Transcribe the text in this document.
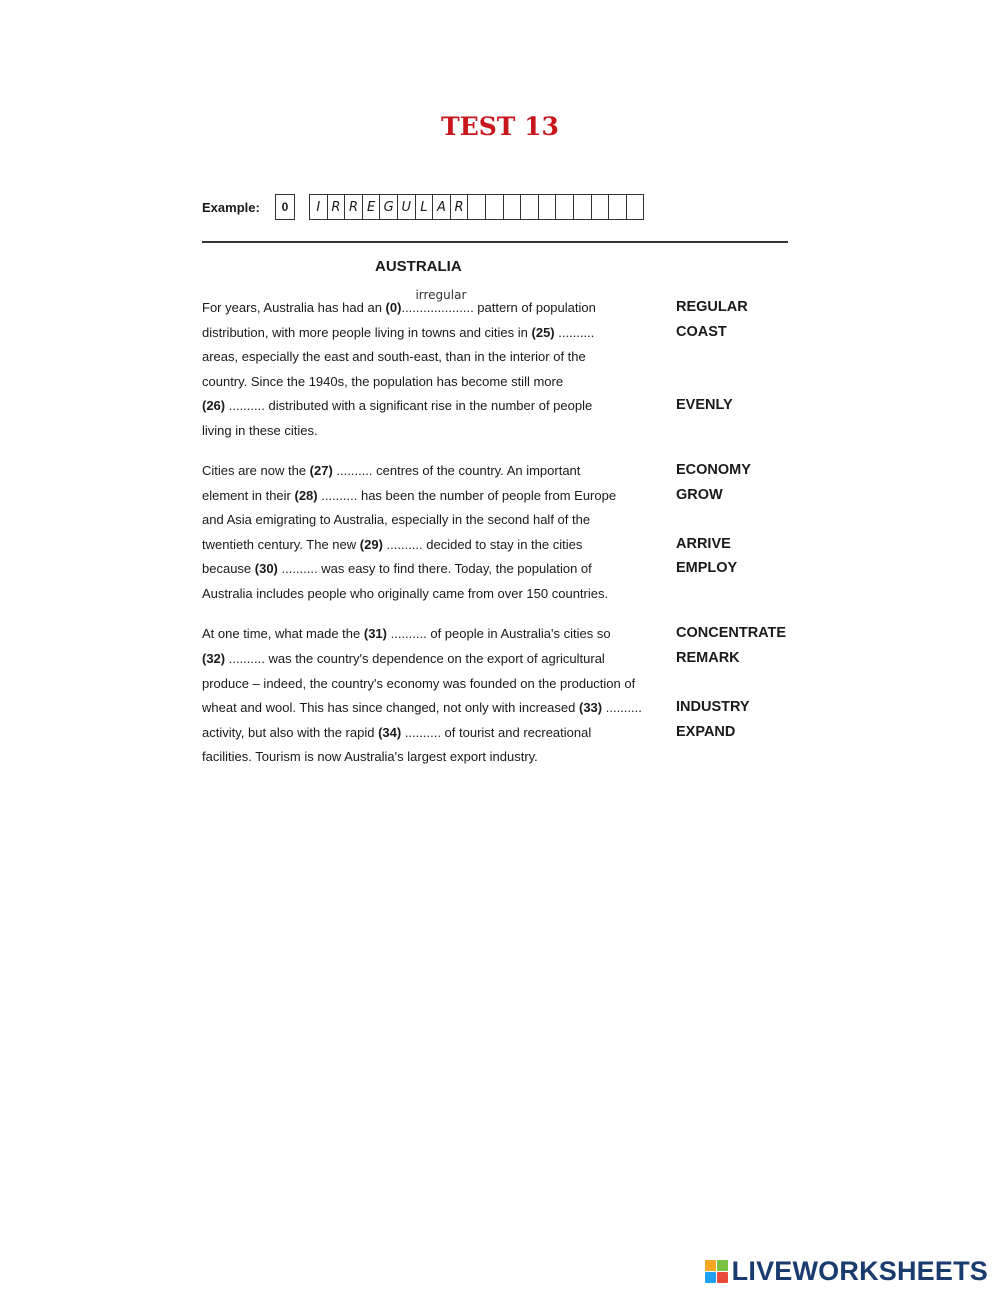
TEST 13
Example:	0	I R R E G U L A R
AUSTRALIA
For years, Australia has had an (0).........
irregular
........... pattern of population
distribution, with more people living in towns and cities in (25) ..........
areas, especially the east and south-east, than in the interior of the
country. Since the 1940s, the population has become still more
(26) .......... distributed with a significant rise in the number of people
living in these cities.
Cities are now the (27) .......... centres of the country. An important
element in their (28) .......... has been the number of people from Europe
and Asia emigrating to Australia, especially in the second half of the
twentieth century. The new (29) .......... decided to stay in the cities
because (30) .......... was easy to find there. Today, the population of
Australia includes people who originally came from over 150 countries.
At one time, what made the (31) .......... of people in Australia's cities so
(32) .......... was the country's dependence on the export of agricultural
produce – indeed, the country's economy was founded on the production of
wheat and wool. This has since changed, not only with increased (33) ..........
activity, but also with the rapid (34) .......... of tourist and recreational
facilities. Tourism is now Australia's largest export industry.
REGULAR
COAST
EVENLY
ECONOMY
GROW
ARRIVE
EMPLOY
CONCENTRATE
REMARK
INDUSTRY
EXPAND
LIVEWORKSHEETS
